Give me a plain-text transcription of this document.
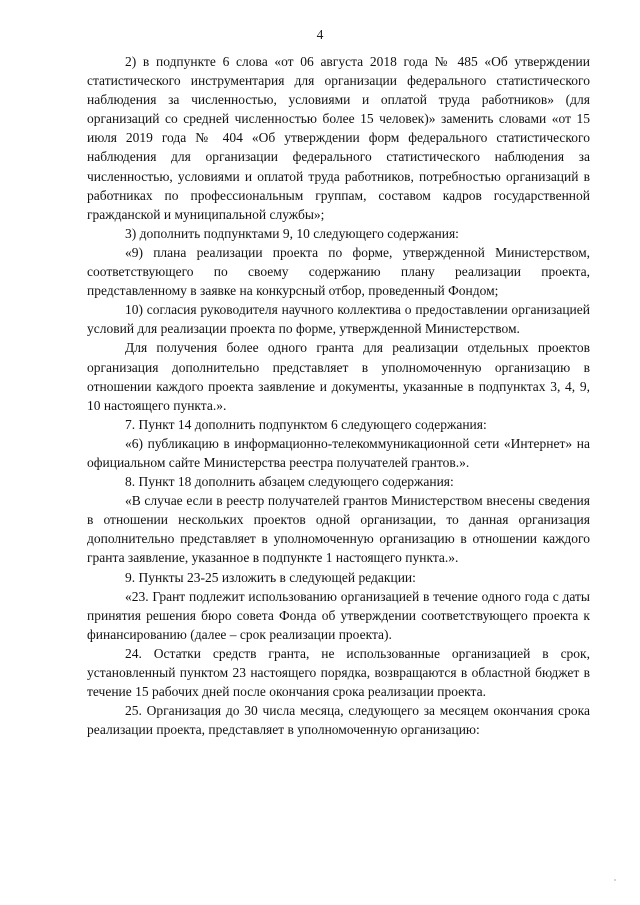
4

2) в подпункте 6 слова «от 06 августа 2018 года № 485 «Об утверждении статистического инструментария для организации федерального статистического наблюдения за численностью, условиями и оплатой труда работников» (для организаций со средней численностью более 15 человек)» заменить словами «от 15 июля 2019 года № 404 «Об утверждении форм федерального статистического наблюдения для организации федерального статистического наблюдения за численностью, условиями и оплатой труда работников, потребностью организаций в работниках по профессиональным группам, составом кадров государственной гражданской и муниципальной службы»;

3) дополнить подпунктами 9, 10 следующего содержания:

«9) плана реализации проекта по форме, утвержденной Министерством, соответствующего по своему содержанию плану реализации проекта, представленному в заявке на конкурсный отбор, проведенный Фондом;

10) согласия руководителя научного коллектива о предоставлении организацией условий для реализации проекта по форме, утвержденной Министерством.

Для получения более одного гранта для реализации отдельных проектов организация дополнительно представляет в уполномоченную организацию в отношении каждого проекта заявление и документы, указанные в подпунктах 3, 4, 9, 10 настоящего пункта.».

7. Пункт 14 дополнить подпунктом 6 следующего содержания:

«6) публикацию в информационно-телекоммуникационной сети «Интернет» на официальном сайте Министерства реестра получателей грантов.».

8. Пункт 18 дополнить абзацем следующего содержания:

«В случае если в реестр получателей грантов Министерством внесены сведения в отношении нескольких проектов одной организации, то данная организация дополнительно представляет в уполномоченную организацию в отношении каждого гранта заявление, указанное в подпункте 1 настоящего пункта.».

9. Пункты 23-25 изложить в следующей редакции:

«23. Грант подлежит использованию организацией в течение одного года с даты принятия решения бюро совета Фонда об утверждении соответствующего проекта к финансированию (далее – срок реализации проекта).

24. Остатки средств гранта, не использованные организацией в срок, установленный пунктом 23 настоящего порядка, возвращаются в областной бюджет в течение 15 рабочих дней после окончания срока реализации проекта.

25. Организация до 30 числа месяца, следующего за месяцем окончания срока реализации проекта, представляет в уполномоченную организацию:
